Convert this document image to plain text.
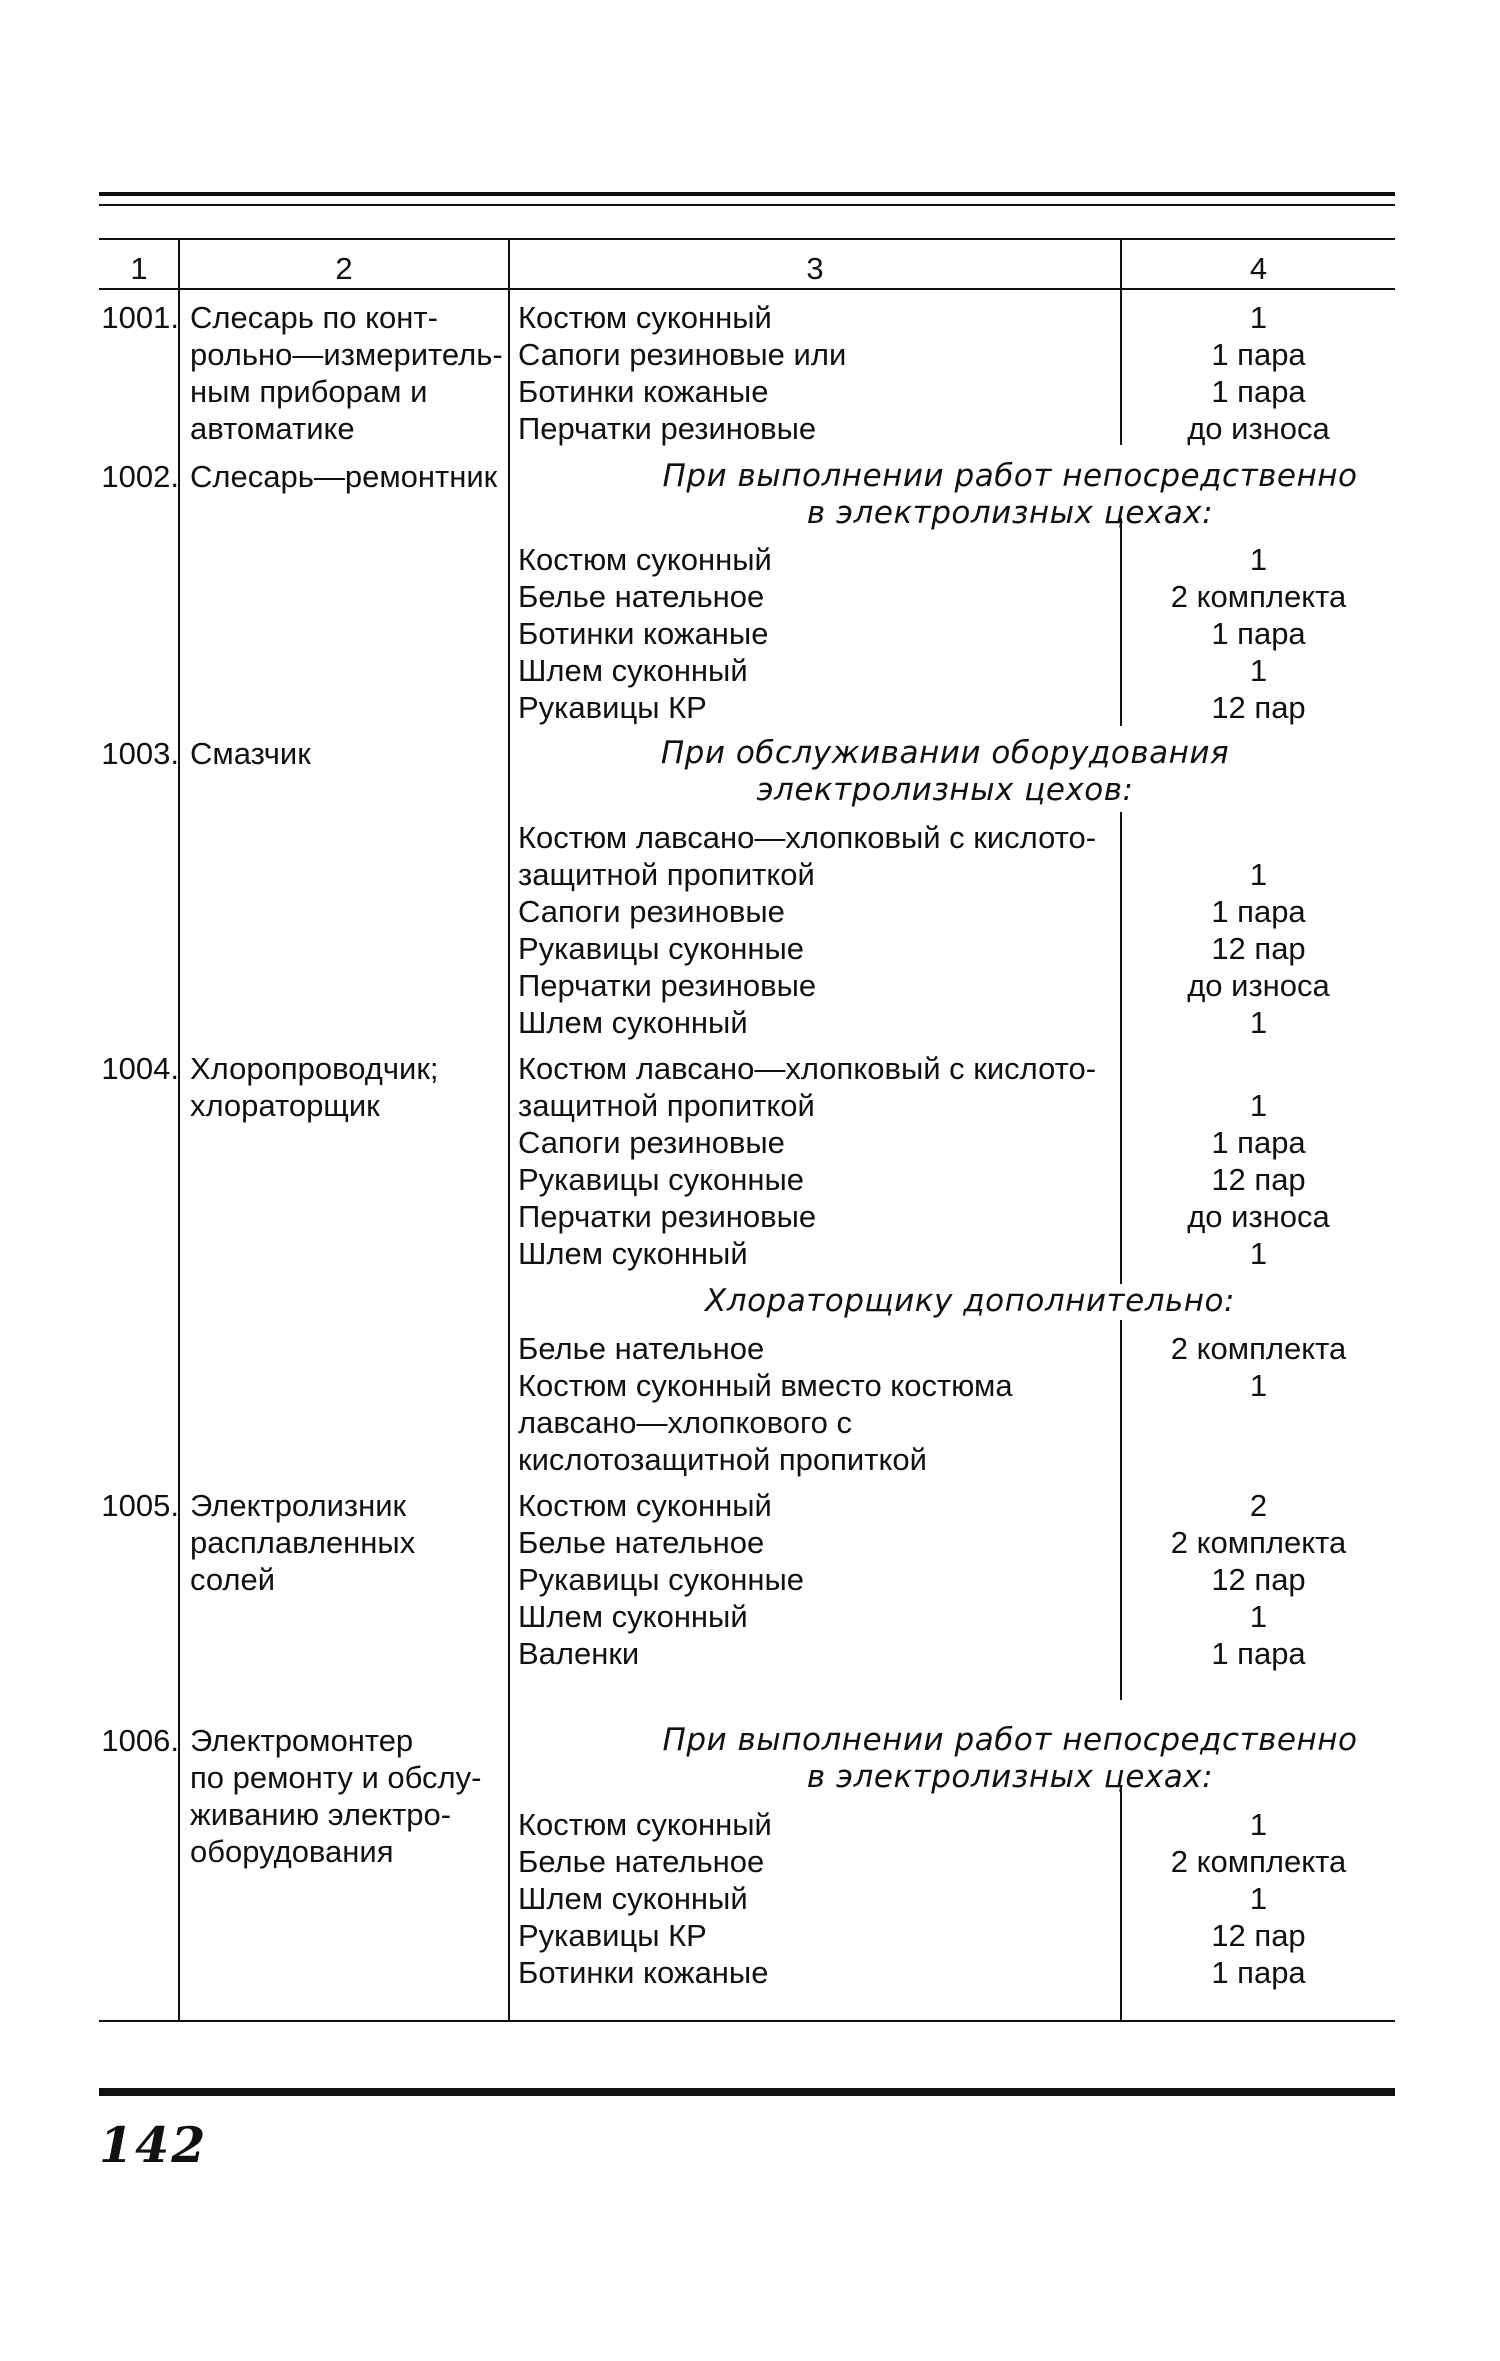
1	2	3	4
1001. Слесарь по конт-
рольно—измеритель-
ным приборам и
автоматике
Костюм суконный	1
Сапоги резиновые или	1 пара
Ботинки кожаные	1 пара
Перчатки резиновые	до износа
1002. Слесарь—ремонтник	При выполнении работ непосредственно
в электролизных цехах:
Костюм суконный	1
Белье нательное	2 комплекта
Ботинки кожаные	1 пара
Шлем суконный	1
Рукавицы КР	12 пар
1003. Смазчик	При обслуживании оборудования
электролизных цехов:
Костюм лавсано—хлопковый с кислото-
защитной пропиткой	1
Сапоги резиновые	1 пара
Рукавицы суконные	12 пар
Перчатки резиновые	до износа
Шлем суконный	1
1004. Хлоропроводчик;
хлораторщик
Костюм лавсано—хлопковый с кислото-
защитной пропиткой	1
Сапоги резиновые	1 пара
Рукавицы суконные	12 пар
Перчатки резиновые	до износа
Шлем суконный	1
Хлораторщику дополнительно:
Белье нательное	2 комплекта
Костюм суконный вместо костюма	1
лавсано—хлопкового с
кислотозащитной пропиткой
1005. Электролизник
расплавленных
солей
Костюм суконный	2
Белье нательное	2 комплекта
Рукавицы суконные	12 пар
Шлем суконный	1
Валенки	1 пара
1006. Электромонтер
по ремонту и обслу-
живанию электро-
оборудования
При выполнении работ непосредственно
в электролизных цехах:
Костюм суконный	1
Белье нательное	2 комплекта
Шлем суконный	1
Рукавицы КР	12 пар
Ботинки кожаные	1 пара
142
